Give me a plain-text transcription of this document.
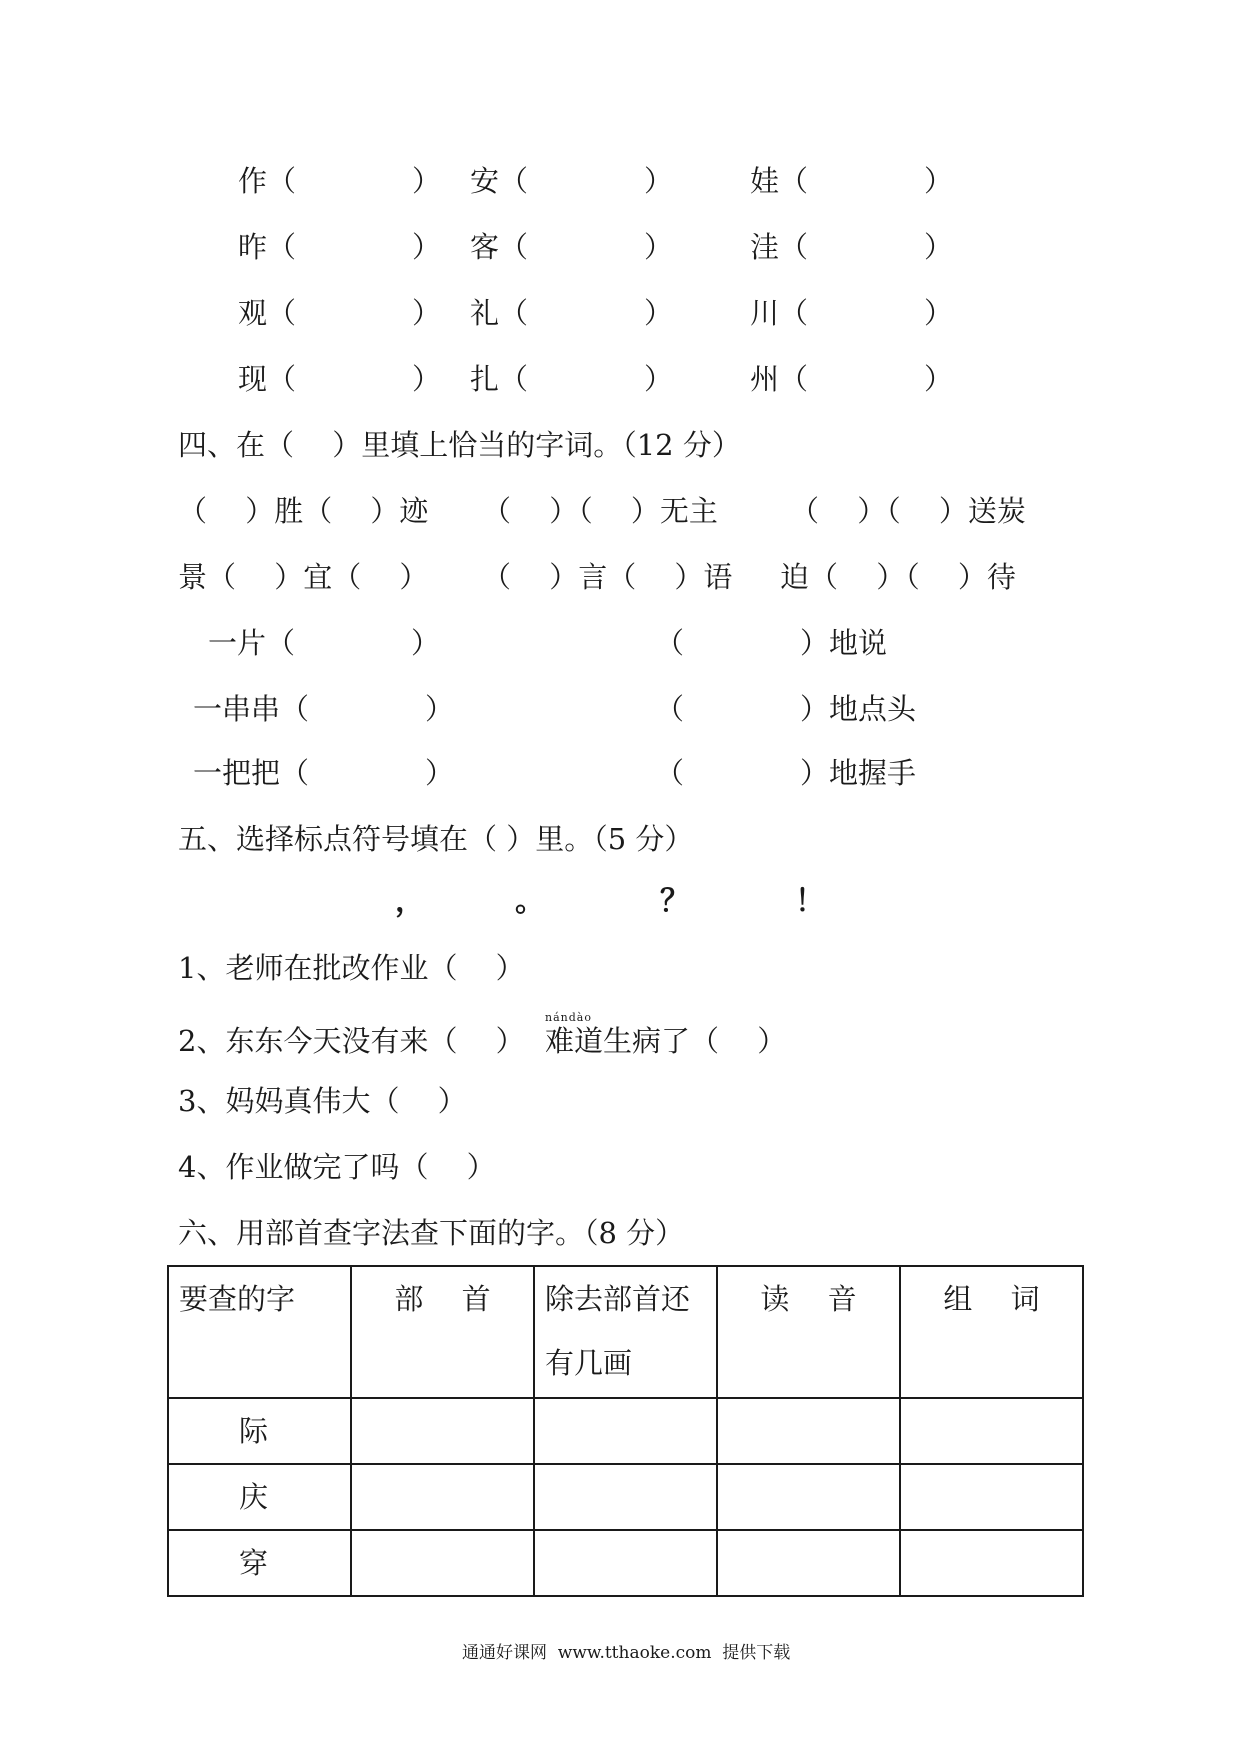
作（　　　　） 安（　　　　）	娃（　　　　）
昨（　　　　） 客（　　　　）	洼（　　　　）
观（　　　　） 礼（　　　　）	川（　　　　）
现（　　　　） 扎（　　　　）	州（　　　　）
四、在（　 ）里填上恰当的字词。（12 分）
（　 ）胜（　 ）迹 （　 ）（　 ）无主 （　 ）（　 ）送炭
景（　 ）宜（　 ） （　 ）言（　 ）语 迫（　 ）（　 ）待
一片（　　　　）	（　　　　）地说
一串串（　　　　）	（　　　　）地点头
一把把（　　　　）	（　　　　）地握手
五、选择标点符号填在（ ）里。（5 分）
，	。	？	！
1、老师在批改作业（　 ）
nándào
2、东东今天没有来（　 ） 难道生病了（　 ）
3、妈妈真伟大（　 ）
4、作业做完了吗（　 ）
六、用部首查字法查下面的字。（8 分）
要查的字	部　 首	除去部首还有几画	读　 音	组　 词
际				
庆				
穿				
通通好课网  www.tthaoke.com  提供下载
